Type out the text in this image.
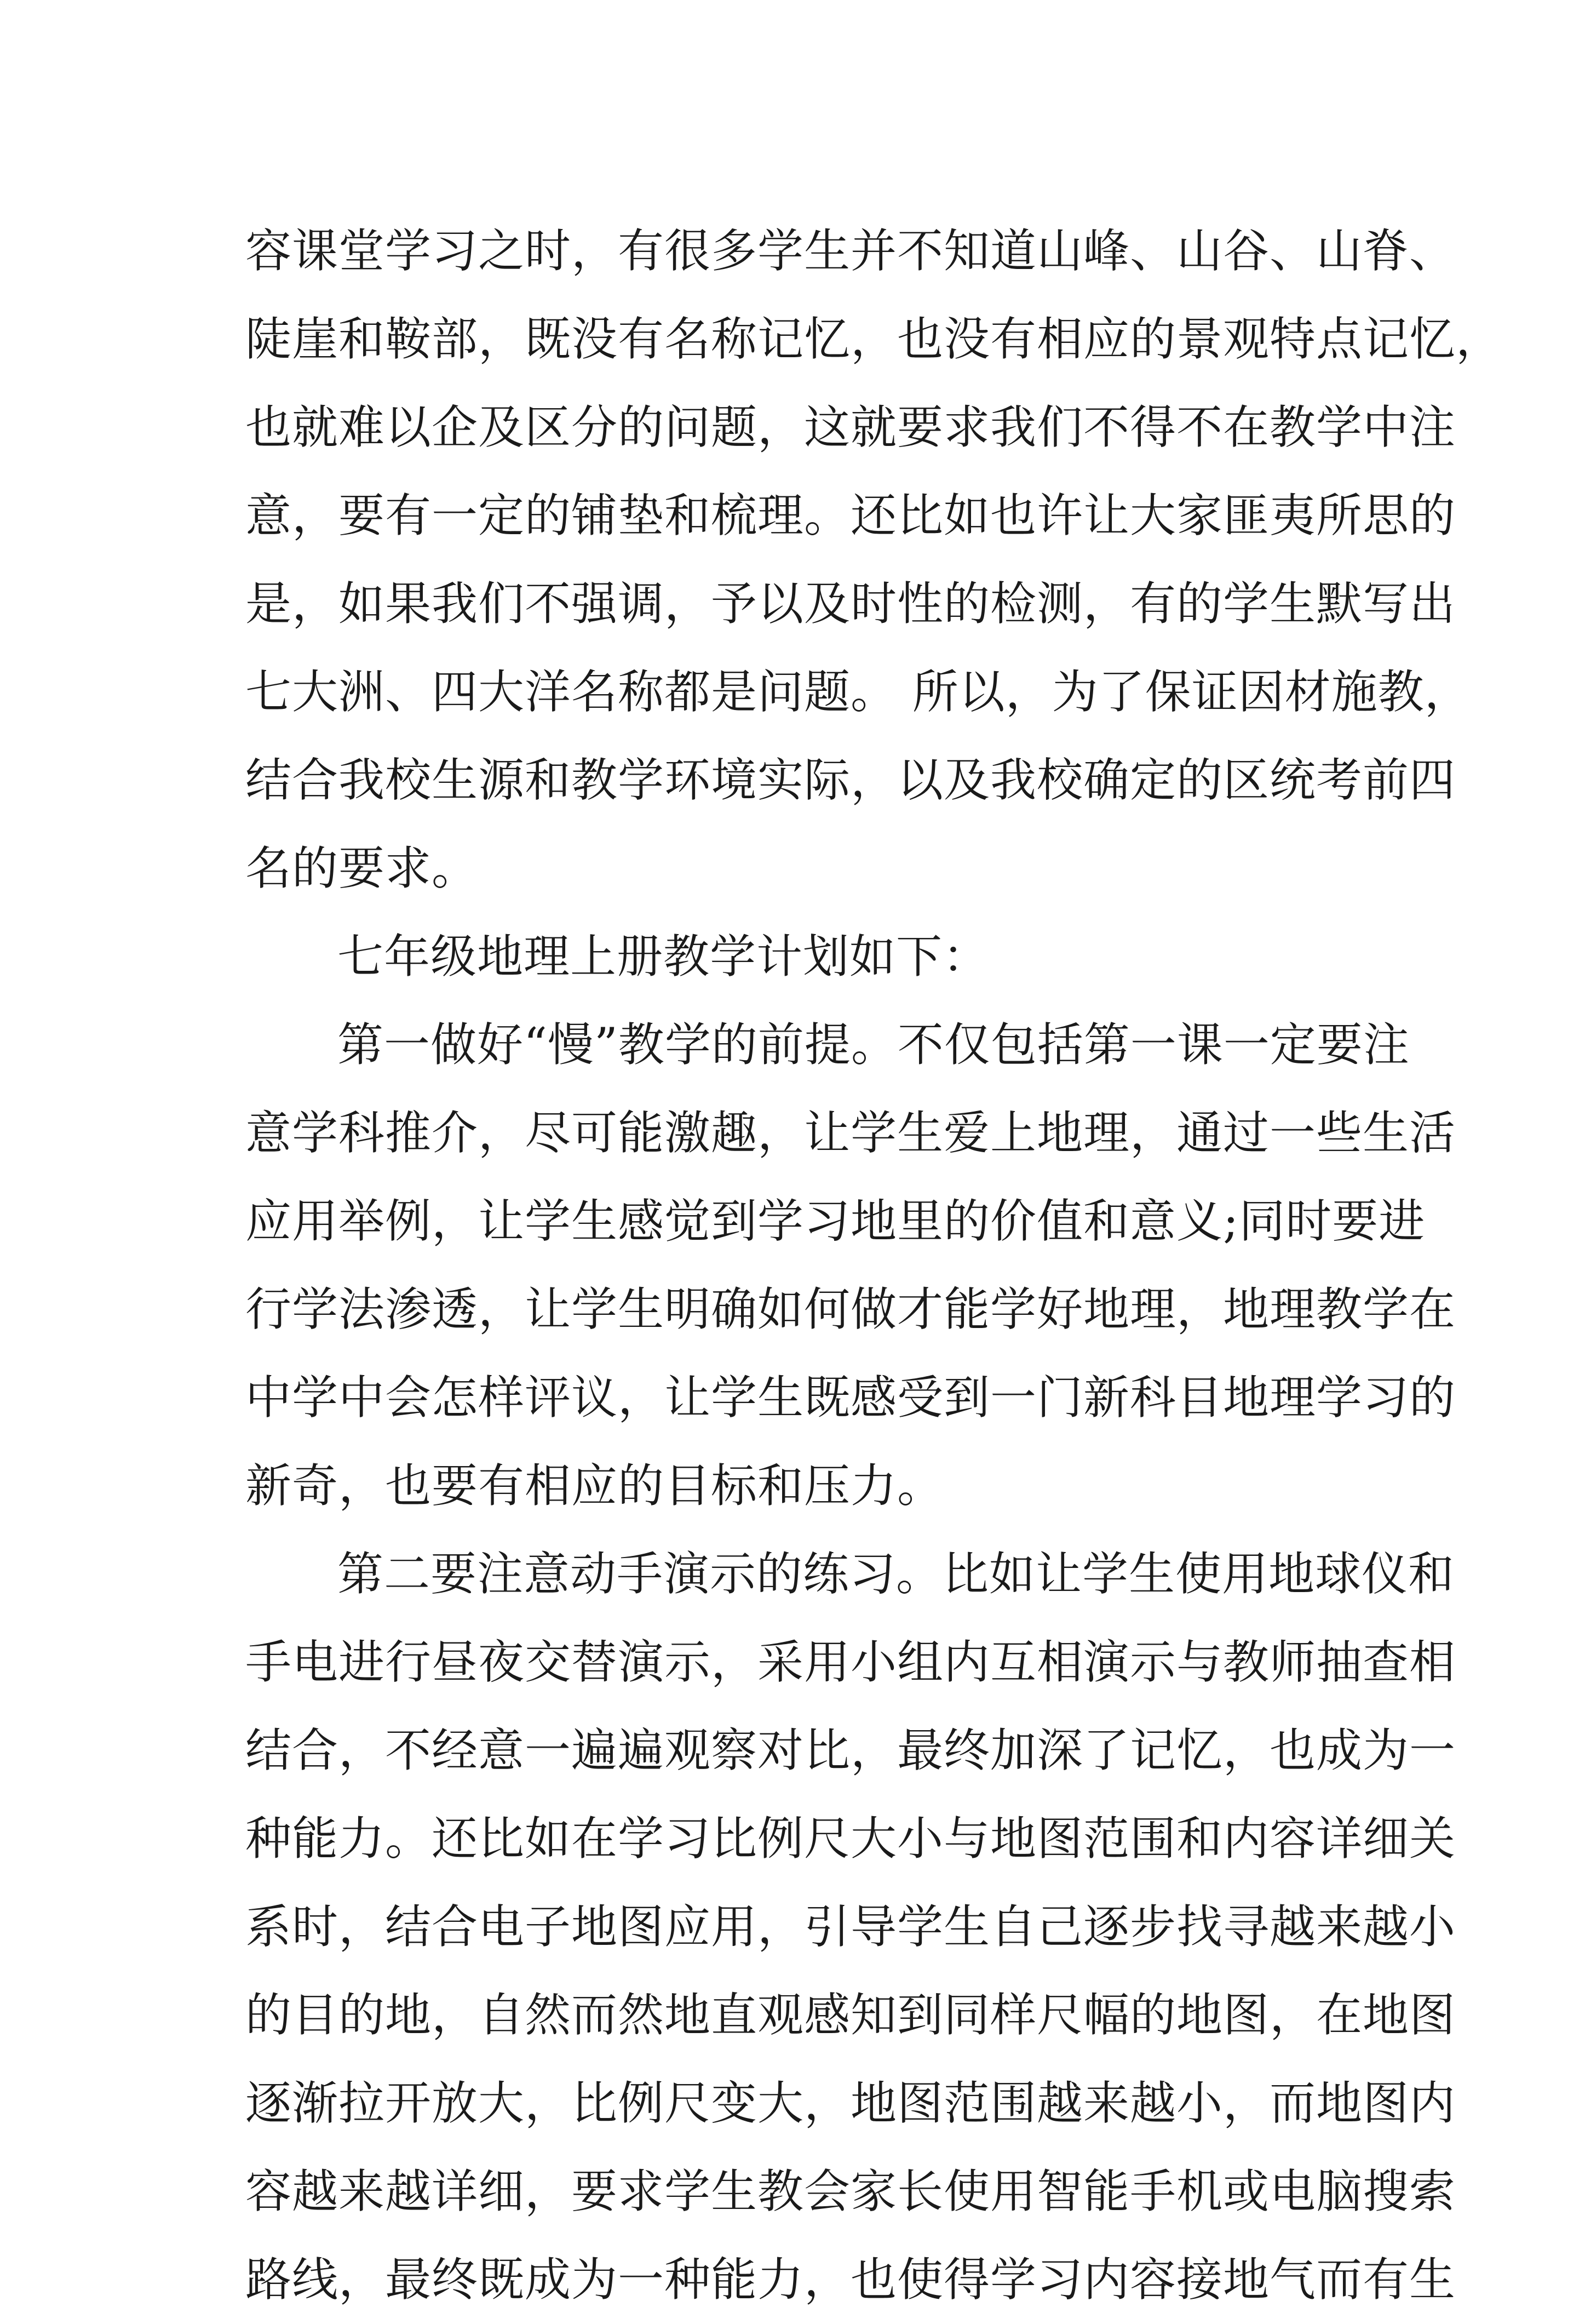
容课堂学习之时，有很多学生并不知道山峰、山谷、山脊、
陡崖和鞍部，既没有名称记忆，也没有相应的景观特点记忆，
也就难以企及区分的问题，这就要求我们不得不在教学中注
意，要有一定的铺垫和梳理。还比如也许让大家匪夷所思的
是，如果我们不强调，予以及时性的检测，有的学生默写出
七大洲、四大洋名称都是问题。 所以，为了保证因材施教，
结合我校生源和教学环境实际，以及我校确定的区统考前四
名的要求。
七年级地理上册教学计划如下：
第一做好“慢”教学的前提。不仅包括第一课一定要注
意学科推介，尽可能激趣，让学生爱上地理，通过一些生活
应用举例，让学生感觉到学习地里的价值和意义;同时要进
行学法渗透，让学生明确如何做才能学好地理，地理教学在
中学中会怎样评议，让学生既感受到一门新科目地理学习的
新奇，也要有相应的目标和压力。
第二要注意动手演示的练习。比如让学生使用地球仪和
手电进行昼夜交替演示，采用小组内互相演示与教师抽查相
结合，不经意一遍遍观察对比，最终加深了记忆，也成为一
种能力。还比如在学习比例尺大小与地图范围和内容详细关
系时，结合电子地图应用，引导学生自己逐步找寻越来越小
的目的地，自然而然地直观感知到同样尺幅的地图，在地图
逐渐拉开放大，比例尺变大，地图范围越来越小，而地图内
容越来越详细，要求学生教会家长使用智能手机或电脑搜索
路线，最终既成为一种能力，也使得学习内容接地气而有生
